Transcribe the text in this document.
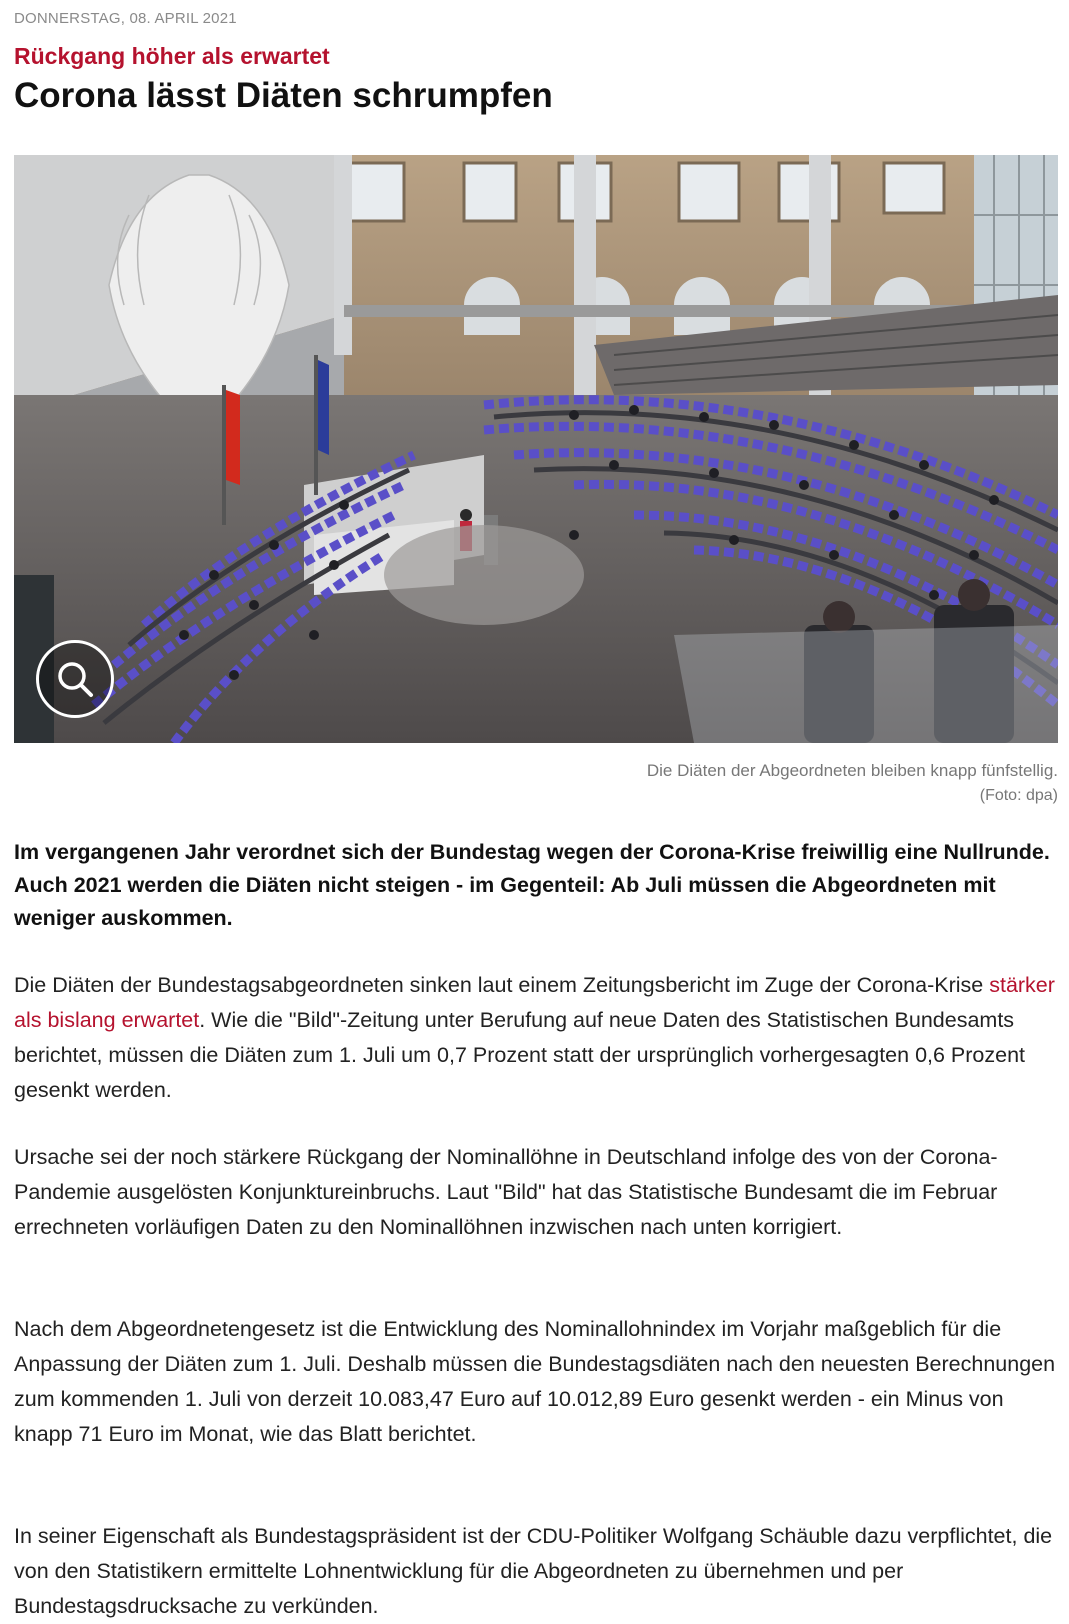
DONNERSTAG, 08. APRIL 2021
Rückgang höher als erwartet
Corona lässt Diäten schrumpfen
Die Diäten der Abgeordneten bleiben knapp fünfstellig.
(Foto: dpa)

Im vergangenen Jahr verordnet sich der Bundestag wegen der Corona-Krise freiwillig eine Nullrunde. Auch 2021 werden die Diäten nicht steigen - im Gegenteil: Ab Juli müssen die Abgeordneten mit weniger auskommen.

Die Diäten der Bundestagsabgeordneten sinken laut einem Zeitungsbericht im Zuge der Corona-Krise stärker als bislang erwartet. Wie die "Bild"-Zeitung unter Berufung auf neue Daten des Statistischen Bundesamts berichtet, müssen die Diäten zum 1. Juli um 0,7 Prozent statt der ursprünglich vorhergesagten 0,6 Prozent gesenkt werden.

Ursache sei der noch stärkere Rückgang der Nominallöhne in Deutschland infolge des von der Corona-Pandemie ausgelösten Konjunktureinbruchs. Laut "Bild" hat das Statistische Bundesamt die im Februar errechneten vorläufigen Daten zu den Nominallöhnen inzwischen nach unten korrigiert.

Nach dem Abgeordnetengesetz ist die Entwicklung des Nominallohnindex im Vorjahr maßgeblich für die Anpassung der Diäten zum 1. Juli. Deshalb müssen die Bundestagsdiäten nach den neuesten Berechnungen zum kommenden 1. Juli von derzeit 10.083,47 Euro auf 10.012,89 Euro gesenkt werden - ein Minus von knapp 71 Euro im Monat, wie das Blatt berichtet.

In seiner Eigenschaft als Bundestagspräsident ist der CDU-Politiker Wolfgang Schäuble dazu verpflichtet, die von den Statistikern ermittelte Lohnentwicklung für die Abgeordneten zu übernehmen und per Bundestagsdrucksache zu verkünden.
